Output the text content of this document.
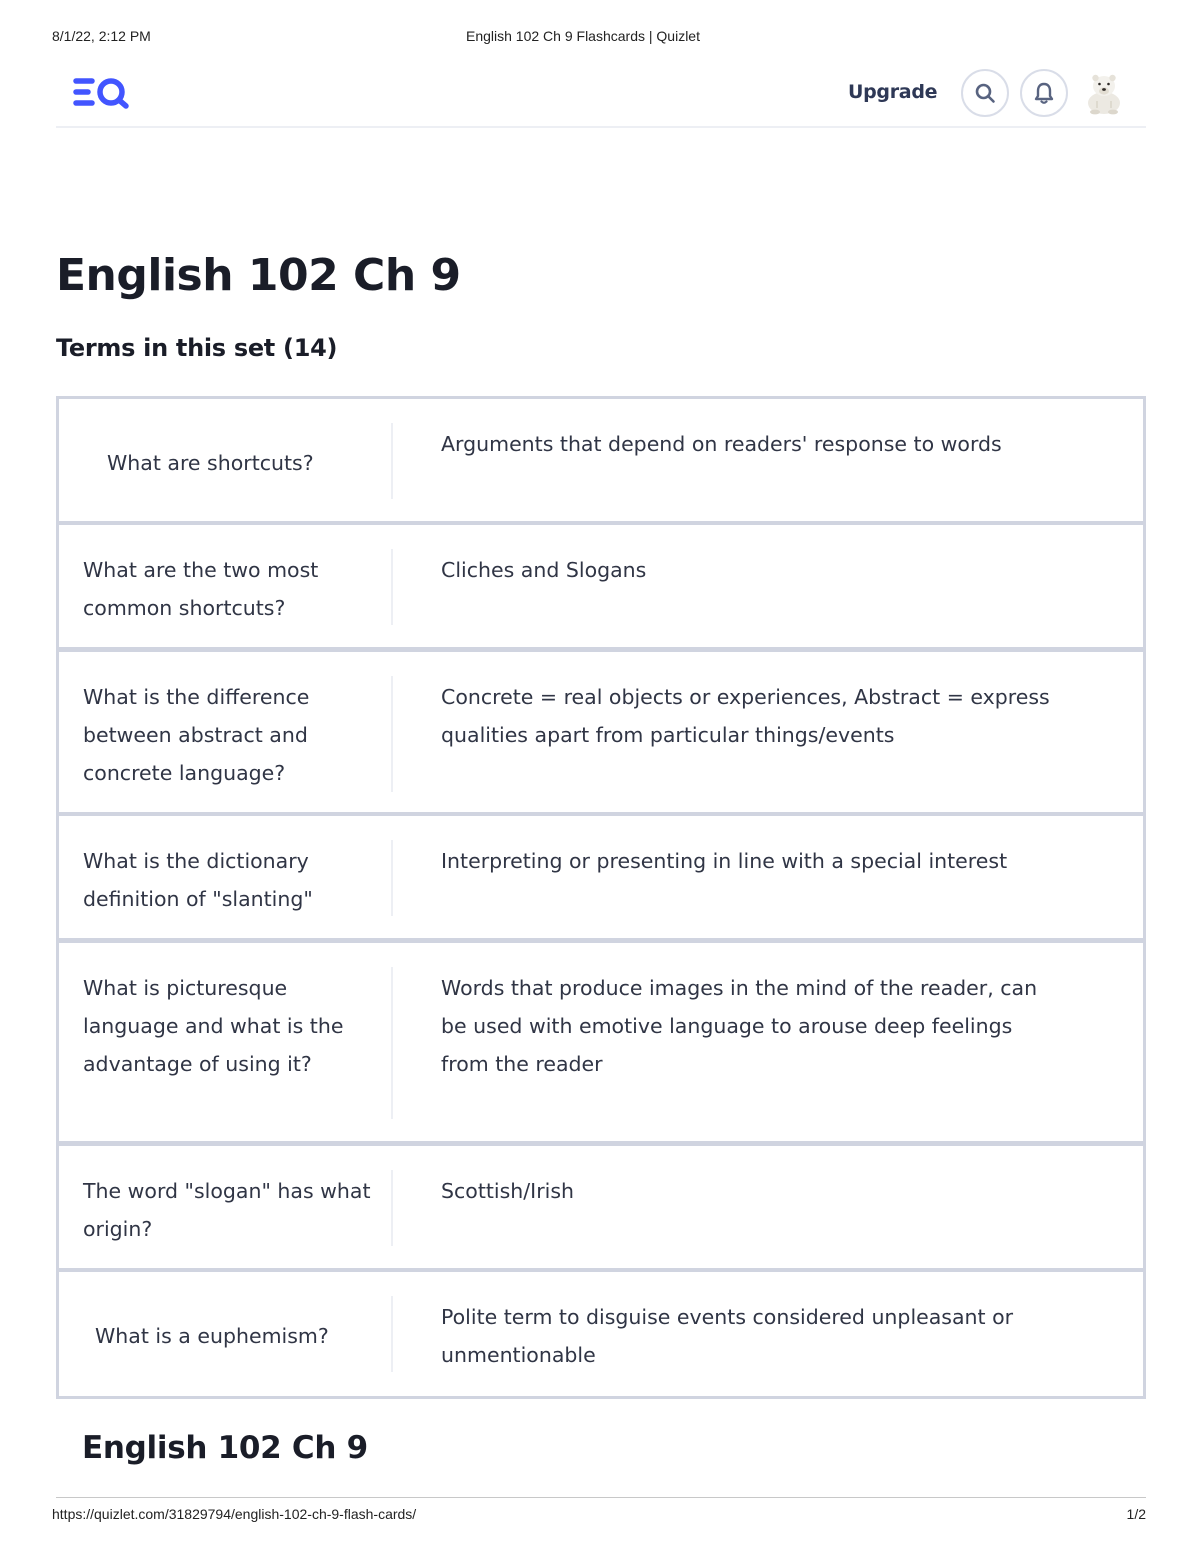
8/1/22, 2:12 PM	English 102 Ch 9 Flashcards | Quizlet
Upgrade
English 102 Ch 9
Terms in this set (14)
What are shortcuts?
Arguments that depend on readers' response to words
What are the two most common shortcuts?
Cliches and Slogans
What is the difference between abstract and concrete language?
Concrete = real objects or experiences, Abstract = express qualities apart from particular things/events
What is the dictionary definition of "slanting"
Interpreting or presenting in line with a special interest
What is picturesque language and what is the advantage of using it?
Words that produce images in the mind of the reader, can be used with emotive language to arouse deep feelings from the reader
The word "slogan" has what origin?
Scottish/Irish
What is a euphemism?
Polite term to disguise events considered unpleasant or unmentionable
English 102 Ch 9
https://quizlet.com/31829794/english-102-ch-9-flash-cards/	1/2
